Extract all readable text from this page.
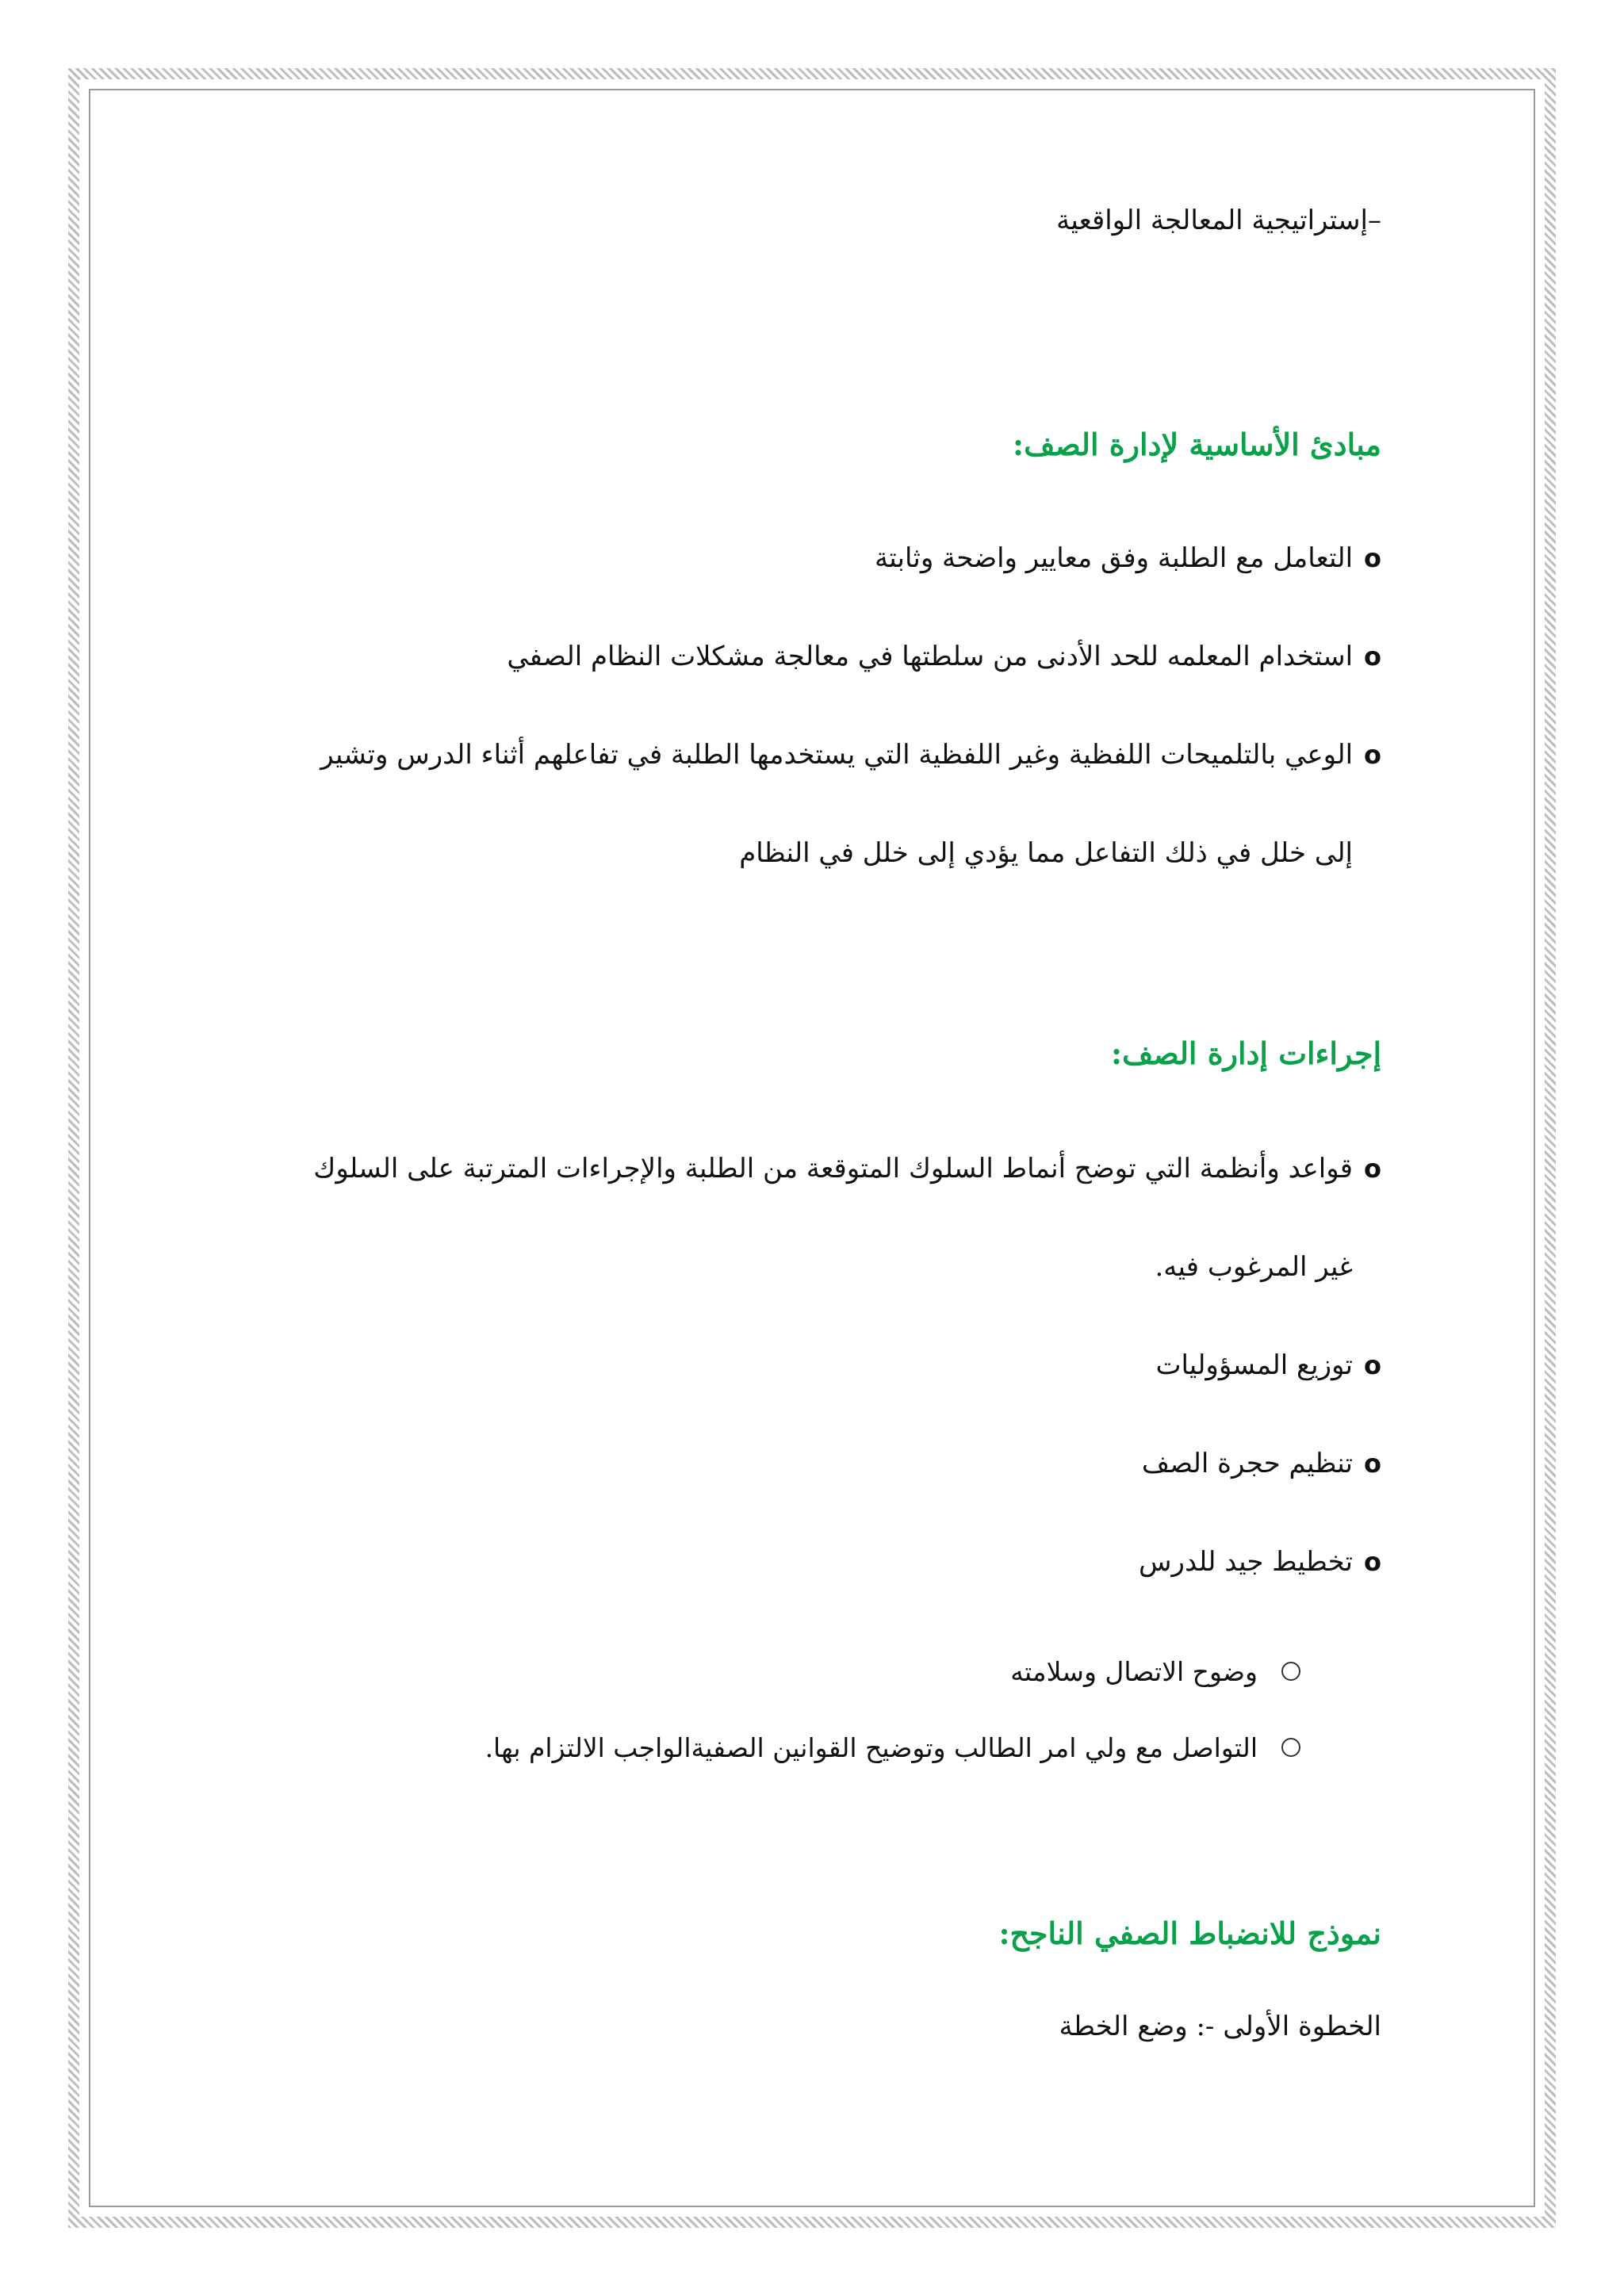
–إستراتيجية المعالجة الواقعية
مبادئ الأساسية لإدارة الصف:
o
التعامل مع الطلبة وفق معايير واضحة وثابتة
o
استخدام المعلمه للحد الأدنى من سلطتها في معالجة مشكلات النظام الصفي
o
الوعي بالتلميحات اللفظية وغير اللفظية التي يستخدمها الطلبة في تفاعلهم أثناء الدرس وتشير إلى خلل في ذلك التفاعل مما يؤدي إلى خلل في النظام
إجراءات إدارة الصف:
o
قواعد وأنظمة التي توضح أنماط السلوك المتوقعة من الطلبة والإجراءات المترتبة على السلوك غير المرغوب فيه.
o
توزيع المسؤوليات
o
تنظيم حجرة الصف
o
تخطيط جيد للدرس
وضوح الاتصال وسلامته
التواصل مع ولي امر الطالب وتوضيح القوانين الصفيةالواجب الالتزام بها.
نموذج للانضباط الصفي الناجح:
الخطوة الأولى -: وضع الخطة
